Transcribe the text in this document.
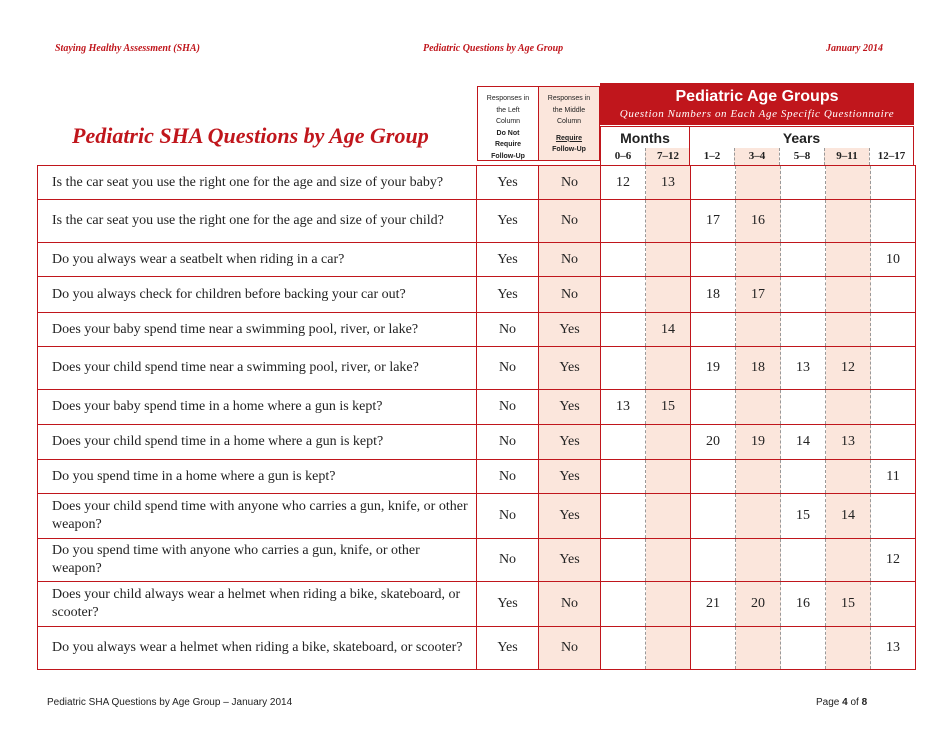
Staying Healthy Assessment (SHA)	Pediatric Questions by Age Group	January 2014
Pediatric SHA Questions by Age Group
Responses in
the Left
Column
Do Not
Require
Follow-Up
Responses in
the Middle
Column
Require
Follow-Up
Pediatric Age Groups
Question Numbers on Each Age Specific Questionnaire
Months	Years
0–6	7–12	1–2	3–4	5–8	9–11	12–17
Is the car seat you use the right one for the age and size of your baby?	Yes	No	12	13					
Is the car seat you use the right one for the age and size of your child?	Yes	No			17	16			
Do you always wear a seatbelt when riding in a car?	Yes	No							10
Do you always check for children before backing your car out?	Yes	No			18	17			
Does your baby spend time near a swimming pool, river, or lake?	No	Yes		14					
Does your child spend time near a swimming pool, river, or lake?	No	Yes			19	18	13	12	
Does your baby spend time in a home where a gun is kept?	No	Yes	13	15					
Does your child spend time in a home where a gun is kept?	No	Yes			20	19	14	13	
Do you spend time in a home where a gun is kept?	No	Yes							11
Does your child spend time with anyone who carries a gun, knife, or other weapon?	No	Yes					15	14	
Do you spend time with anyone who carries a gun, knife, or other weapon?	No	Yes							12
Does your child always wear a helmet when riding a bike, skateboard, or scooter?	Yes	No			21	20	16	15	
Do you always wear a helmet when riding a bike, skateboard, or scooter?	Yes	No							13
Pediatric SHA Questions by Age Group – January 2014	Page 4 of 8
